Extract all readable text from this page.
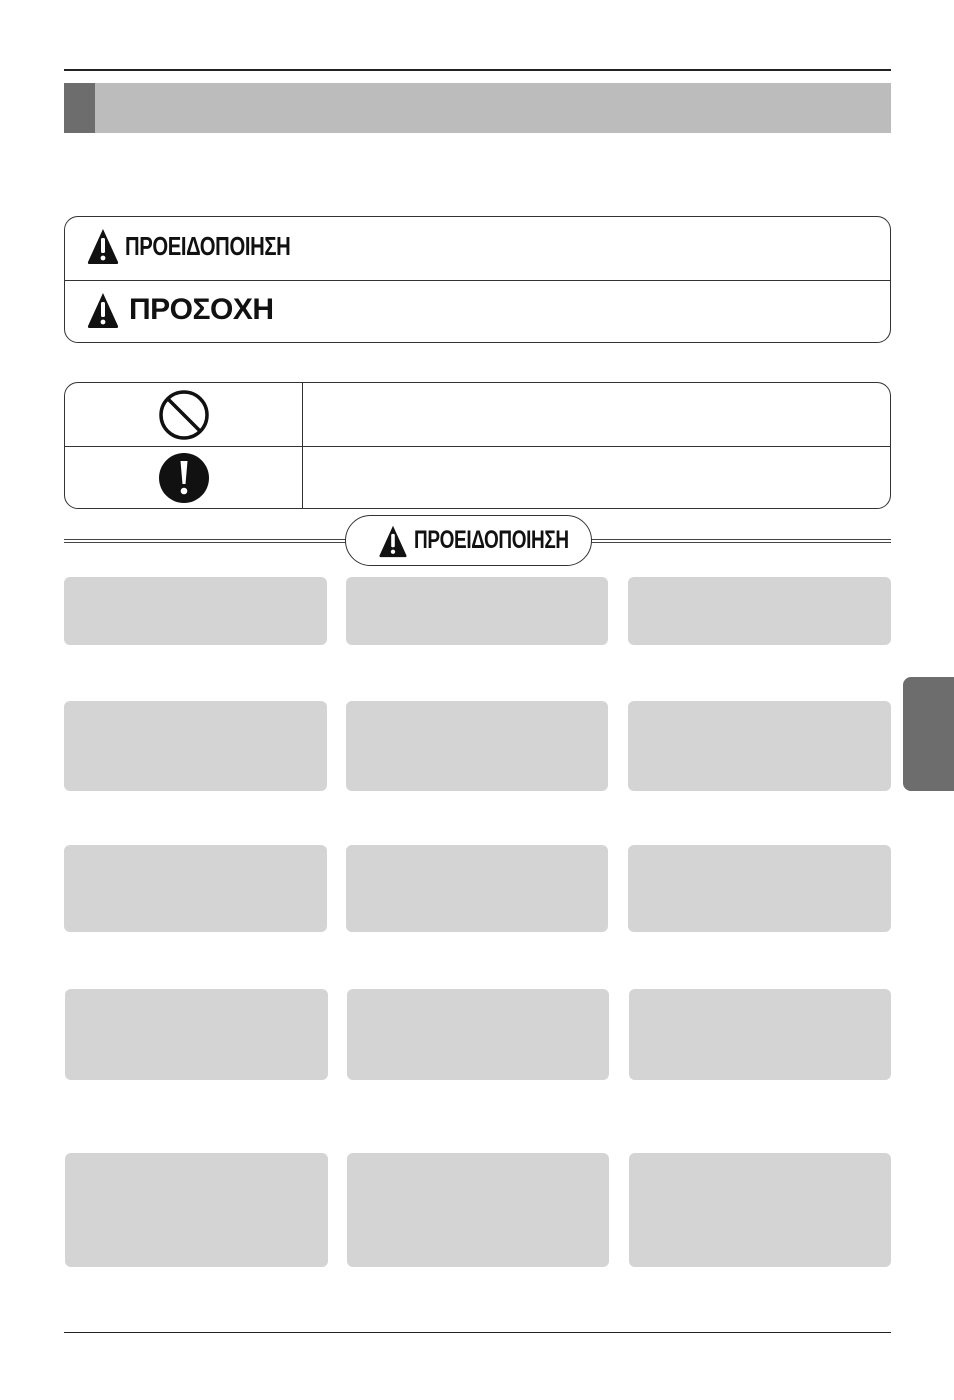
ΠΡΟΕΙΔΟΠΟΙΗΣΗ
ΠΡΟΣΟΧΗ
ΠΡΟΕΙΔΟΠΟΙΗΣΗ
